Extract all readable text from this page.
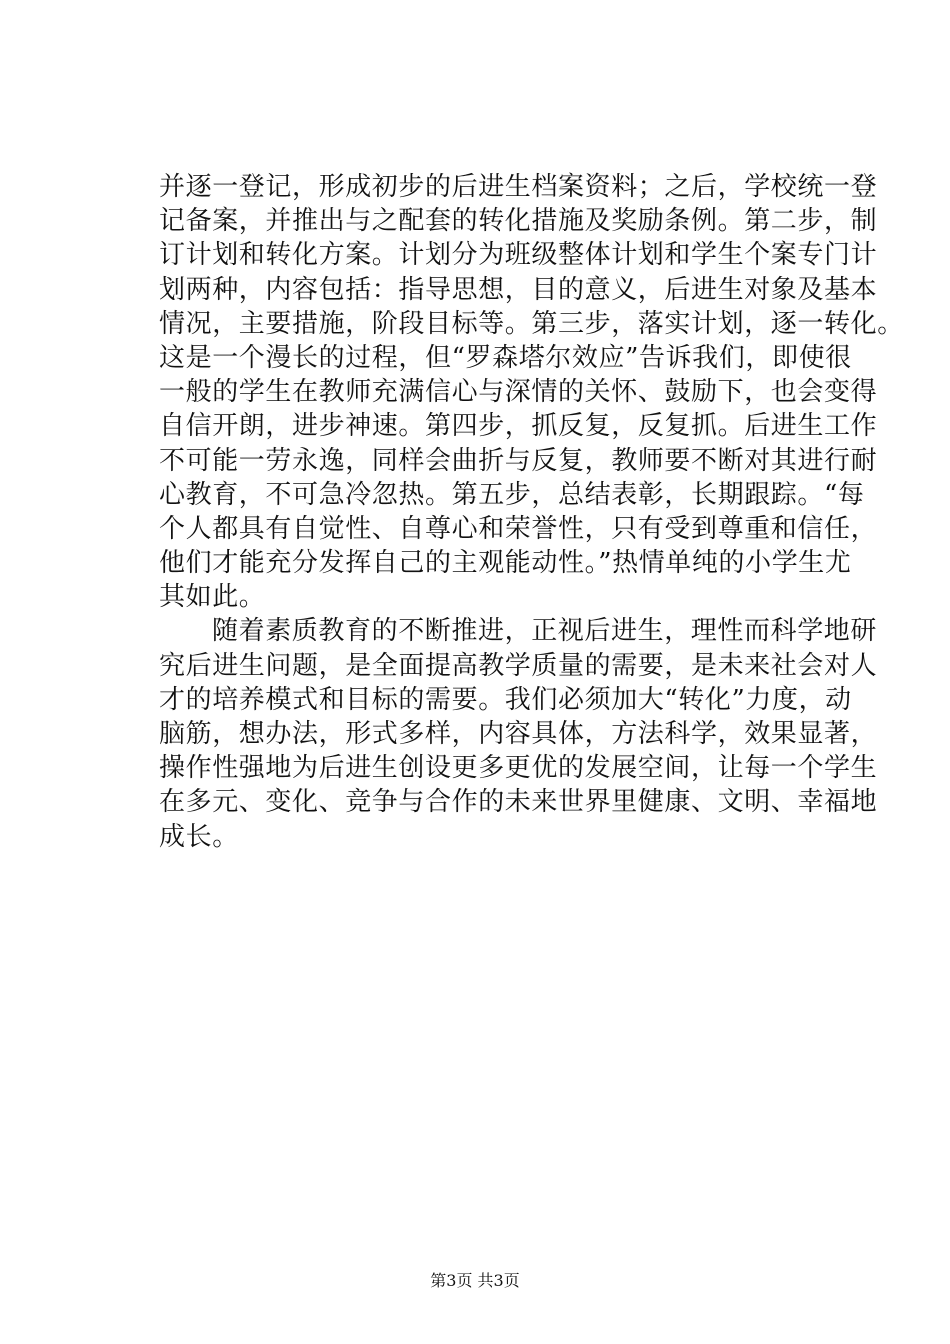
并逐一登记，形成初步的后进生档案资料；之后，学校统一登
记备案，并推出与之配套的转化措施及奖励条例。第二步，制
订计划和转化方案。计划分为班级整体计划和学生个案专门计
划两种，内容包括：指导思想，目的意义，后进生对象及基本
情况，主要措施，阶段目标等。第三步，落实计划，逐一转化。
这是一个漫长的过程，但“罗森塔尔效应”告诉我们，即使很
一般的学生在教师充满信心与深情的关怀、鼓励下，也会变得
自信开朗，进步神速。第四步，抓反复，反复抓。后进生工作
不可能一劳永逸，同样会曲折与反复，教师要不断对其进行耐
心教育，不可急冷忽热。第五步，总结表彰，长期跟踪。“每
个人都具有自觉性、自尊心和荣誉性，只有受到尊重和信任，
他们才能充分发挥自己的主观能动性。”热情单纯的小学生尤
其如此。
随着素质教育的不断推进，正视后进生，理性而科学地研
究后进生问题，是全面提高教学质量的需要，是未来社会对人
才的培养模式和目标的需要。我们必须加大“转化”力度，动
脑筋，想办法，形式多样，内容具体，方法科学，效果显著，
操作性强地为后进生创设更多更优的发展空间，让每一个学生
在多元、变化、竞争与合作的未来世界里健康、文明、幸福地
成长。
第3页 共3页
